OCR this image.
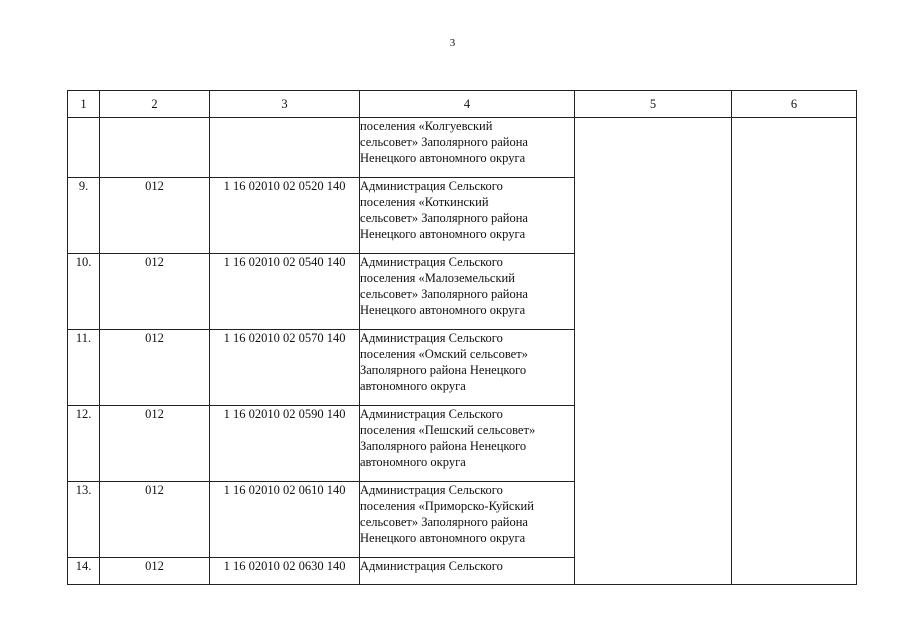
3
1	2	3	4	5	6

			поселения «Колгуевский
сельсовет» Заполярного района
Ненецкого автономного округа		

9.	012	1 16 02010 02 0520 140	Администрация Сельского
поселения «Коткинский
сельсовет» Заполярного района
Ненецкого автономного округа		

10.	012	1 16 02010 02 0540 140	Администрация Сельского
поселения «Малоземельский
сельсовет» Заполярного района
Ненецкого автономного округа		

11.	012	1 16 02010 02 0570 140	Администрация Сельского
поселения «Омский сельсовет»
Заполярного района Ненецкого
автономного округа		

12.	012	1 16 02010 02 0590 140	Администрация Сельского
поселения «Пешский сельсовет»
Заполярного района Ненецкого
автономного округа		

13.	012	1 16 02010 02 0610 140	Администрация Сельского
поселения «Приморско-Куйский
сельсовет» Заполярного района
Ненецкого автономного округа		

14.	012	1 16 02010 02 0630 140	Администрация Сельского		
